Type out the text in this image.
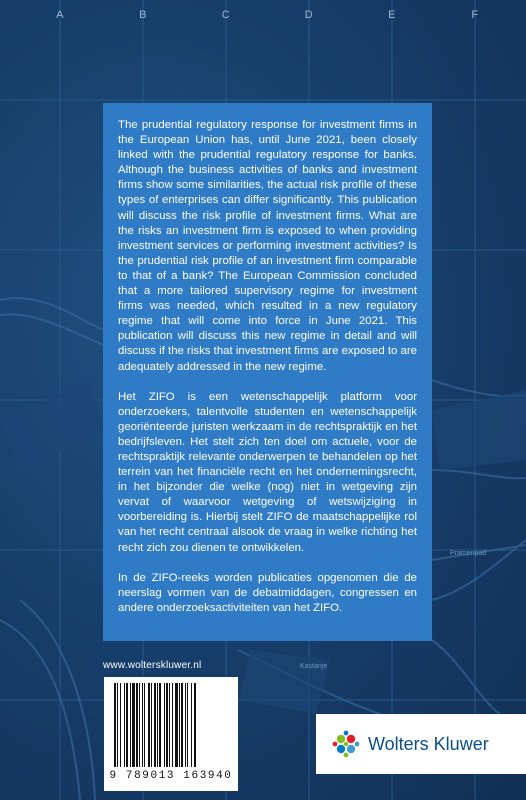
Pramenpad
Kastanje
A	B	C	D	E	F

The prudential regulatory response for investment firms in the European Union has, until June 2021, been closely linked with the prudential regulatory response for banks. Although the business activities of banks and investment firms show some similarities, the actual risk profile of these types of enterprises can differ significantly. This publication will discuss the risk profile of investment firms. What are the risks an investment firm is exposed to when providing investment services or performing investment activities? Is the prudential risk profile of an investment firm comparable to that of a bank? The European Commission concluded that a more tailored supervisory regime for investment firms was needed, which resulted in a new regulatory regime that will come into force in June 2021. This publication will discuss this new regime in detail and will discuss if the risks that investment firms are exposed to are adequately addressed in the new regime.

Het ZIFO is een wetenschappelijk platform voor onderzoekers, talentvolle studenten en wetenschappelijk georiënteerde juristen werkzaam in de rechtspraktijk en het bedrijfsleven. Het stelt zich ten doel om actuele, voor de rechtspraktijk relevante onderwerpen te behandelen op het terrein van het financiële recht en het ondernemingsrecht, in het bijzonder die welke (nog) niet in wetgeving zijn vervat of waarvoor wetgeving of wetswijziging in voorbereiding is. Hierbij stelt ZIFO de maatschappelijke rol van het recht centraal alsook de vraag in welke richting het recht zich zou dienen te ontwikkelen.

In de ZIFO-reeks worden publicaties opgenomen die de neerslag vormen van de debatmiddagen, congressen en andere onderzoeksactiviteiten van het ZIFO.

www.wolterskluwer.nl
9 789013 163940
Wolters Kluwer
